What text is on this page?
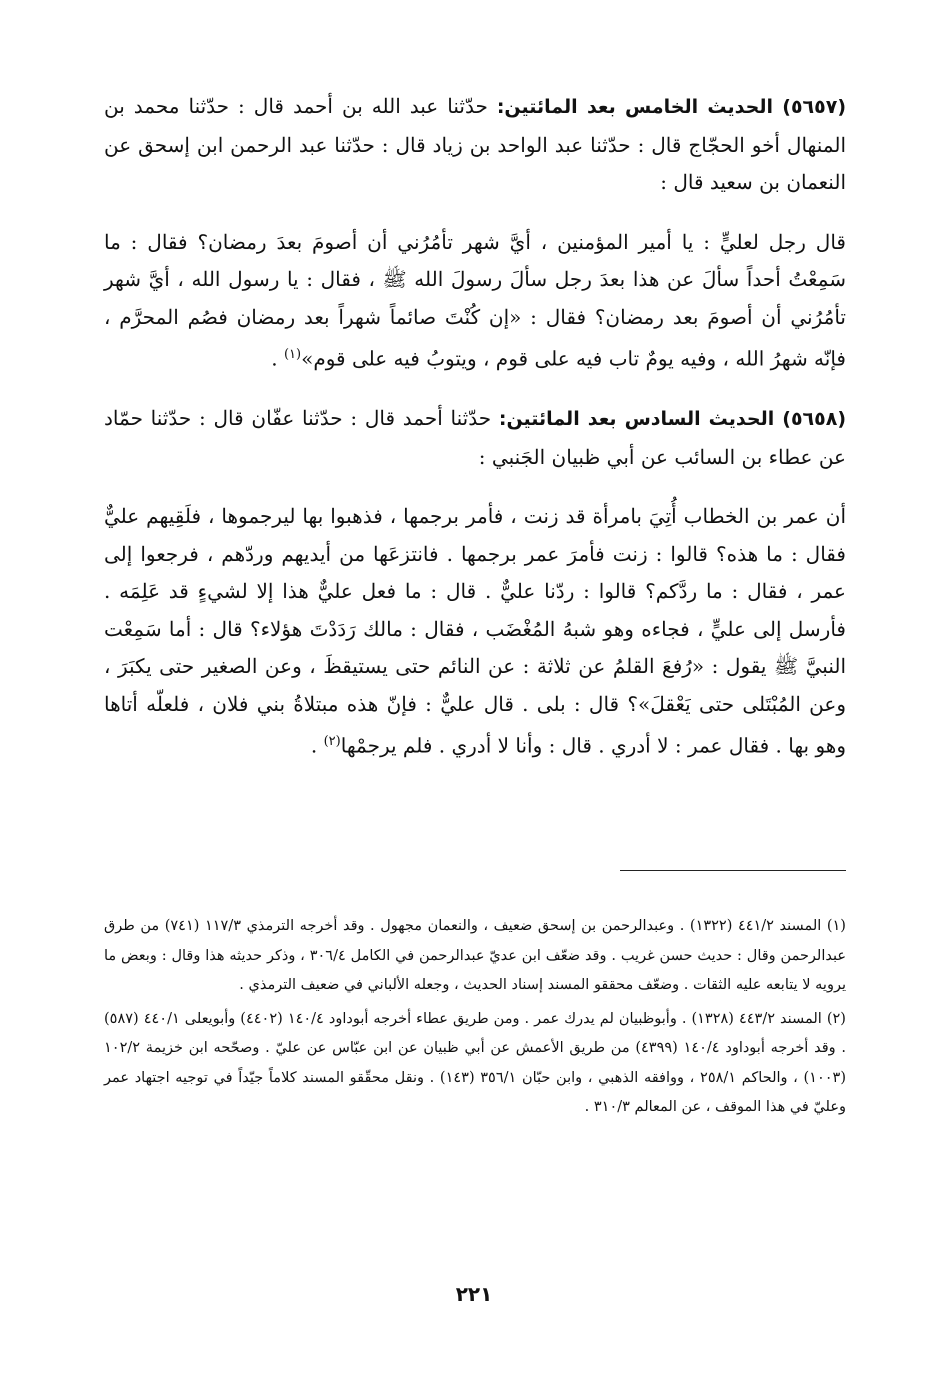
(٥٦٥٧) الحديث الخامس بعد المائتين: حدّثنا عبد الله بن أحمد قال : حدّثنا محمد بن المنهال أخو الحجّاج قال : حدّثنا عبد الواحد بن زياد قال : حدّثنا عبد الرحمن ابن إسحق عن النعمان بن سعيد قال :

قال رجل لعليٍّ : يا أمير المؤمنين ، أيَّ شهر تأمُرُني أن أصومَ بعدَ رمضان؟ فقال : ما سَمِعْتُ أحداً سألَ عن هذا بعدَ رجل سألَ رسولَ الله ﷺ ، فقال : يا رسول الله ، أيَّ شهر تأمُرُني أن أصومَ بعد رمضان؟ فقال : «إن كُنْتَ صائماً شهراً بعد رمضان فصُم المحرَّم ، فإنّه شهرُ الله ، وفيه يومٌ تاب فيه على قوم ، ويتوبُ فيه على قوم»$^{(١)}$ .

(٥٦٥٨) الحديث السادس بعد المائتين: حدّثنا أحمد قال : حدّثنا عفّان قال : حدّثنا حمّاد عن عطاء بن السائب عن أبي ظبيان الجَنبي :

أن عمر بن الخطاب أُتِيَ بامرأة قد زنت ، فأمر برجمها ، فذهبوا بها ليرجموها ، فلَقِيهم عليٌّ فقال : ما هذه؟ قالوا : زنت فأمرَ عمر برجمها . فانتزعَها من أيديهم وردّهم ، فرجعوا إلى عمر ، فقال : ما ردَّكم؟ قالوا : ردّنا عليٌّ . قال : ما فعل عليٌّ هذا إلا لشيءٍ قد عَلِمَه . فأرسل إلى عليٍّ ، فجاءه وهو شبهُ المُغْضَب ، فقال : مالك رَدَدْتَ هؤلاء؟ قال : أما سَمِعْت النبيَّ ﷺ يقول : «رُفعَ القلمُ عن ثلاثة : عن النائم حتى يستيقظَ ، وعن الصغير حتى يكبَرَ ، وعن المُبْتَلى حتى يَعْقلَ»؟ قال : بلى . قال عليٌّ : فإنّ هذه مبتلاةُ بني فلان ، فلعلّه أتاها وهو بها . فقال عمر : لا أدري . قال : وأنا لا أدري . فلم يرجمْها$^{(٢)}$ .

(١) المسند ٤٤١/٢ (١٣٢٢) . وعبدالرحمن بن إسحق ضعيف ، والنعمان مجهول . وقد أخرجه الترمذي ١١٧/٣ (٧٤١) من طرق عبدالرحمن وقال : حديث حسن غريب . وقد ضعّف ابن عديّ عبدالرحمن في الكامل ٣٠٦/٤ ، وذكر حديثه هذا وقال : وبعض ما يرويه لا يتابعه عليه الثقات . وضعّف محققو المسند إسناد الحديث ، وجعله الألباني في ضعيف الترمذي .

(٢) المسند ٤٤٣/٢ (١٣٢٨) . وأبوظبيان لم يدرك عمر . ومن طريق عطاء أخرجه أبوداود ١٤٠/٤ (٤٤٠٢) وأبويعلى ٤٤٠/١ (٥٨٧) . وقد أخرجه أبوداود ١٤٠/٤ (٤٣٩٩) من طريق الأعمش عن أبي ظبيان عن ابن عبّاس عن عليّ . وصحّحه ابن خزيمة ١٠٢/٢ (١٠٠٣) ، والحاكم ٢٥٨/١ ، ووافقه الذهبي ، وابن حبّان ٣٥٦/١ (١٤٣) . ونقل محقّقو المسند كلاماً جيّداً في توجيه اجتهاد عمر وعليّ في هذا الموقف ، عن المعالم ٣١٠/٣ .

٢٢١
